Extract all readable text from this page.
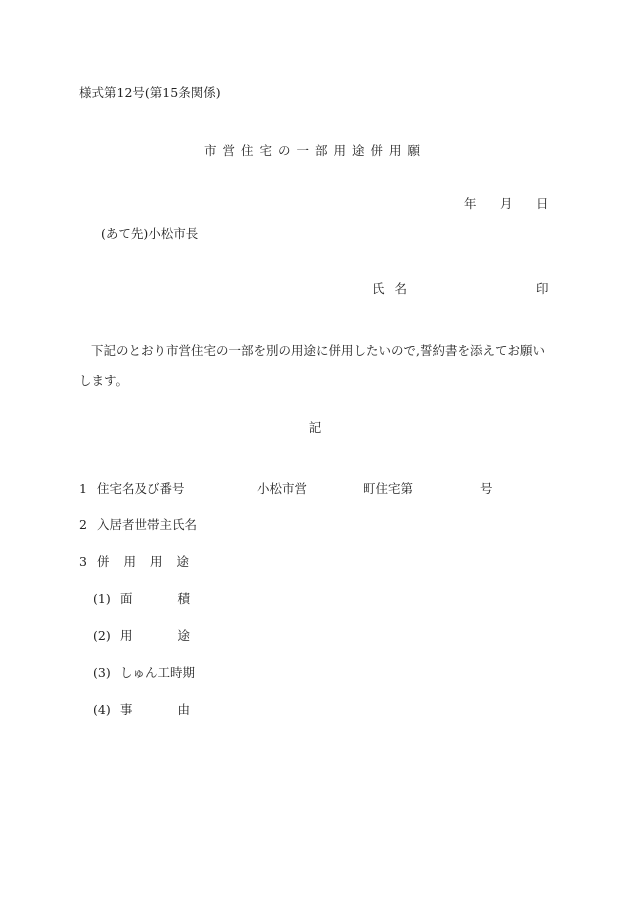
様式第12号(第15条関係)
市営住宅の一部用途併用願
年 月 日
(あて先)小松市長
氏名	印
下記のとおり市営住宅の一部を別の用途に併用したいので,誓約書を添えてお願いします。
記
1 住宅名及び番号	小松市営	町住宅第	号
2 入居者世帯主氏名
3 併 用 用 途
(1) 面	積
(2) 用	途
(3) しゅん工時期
(4) 事	由
